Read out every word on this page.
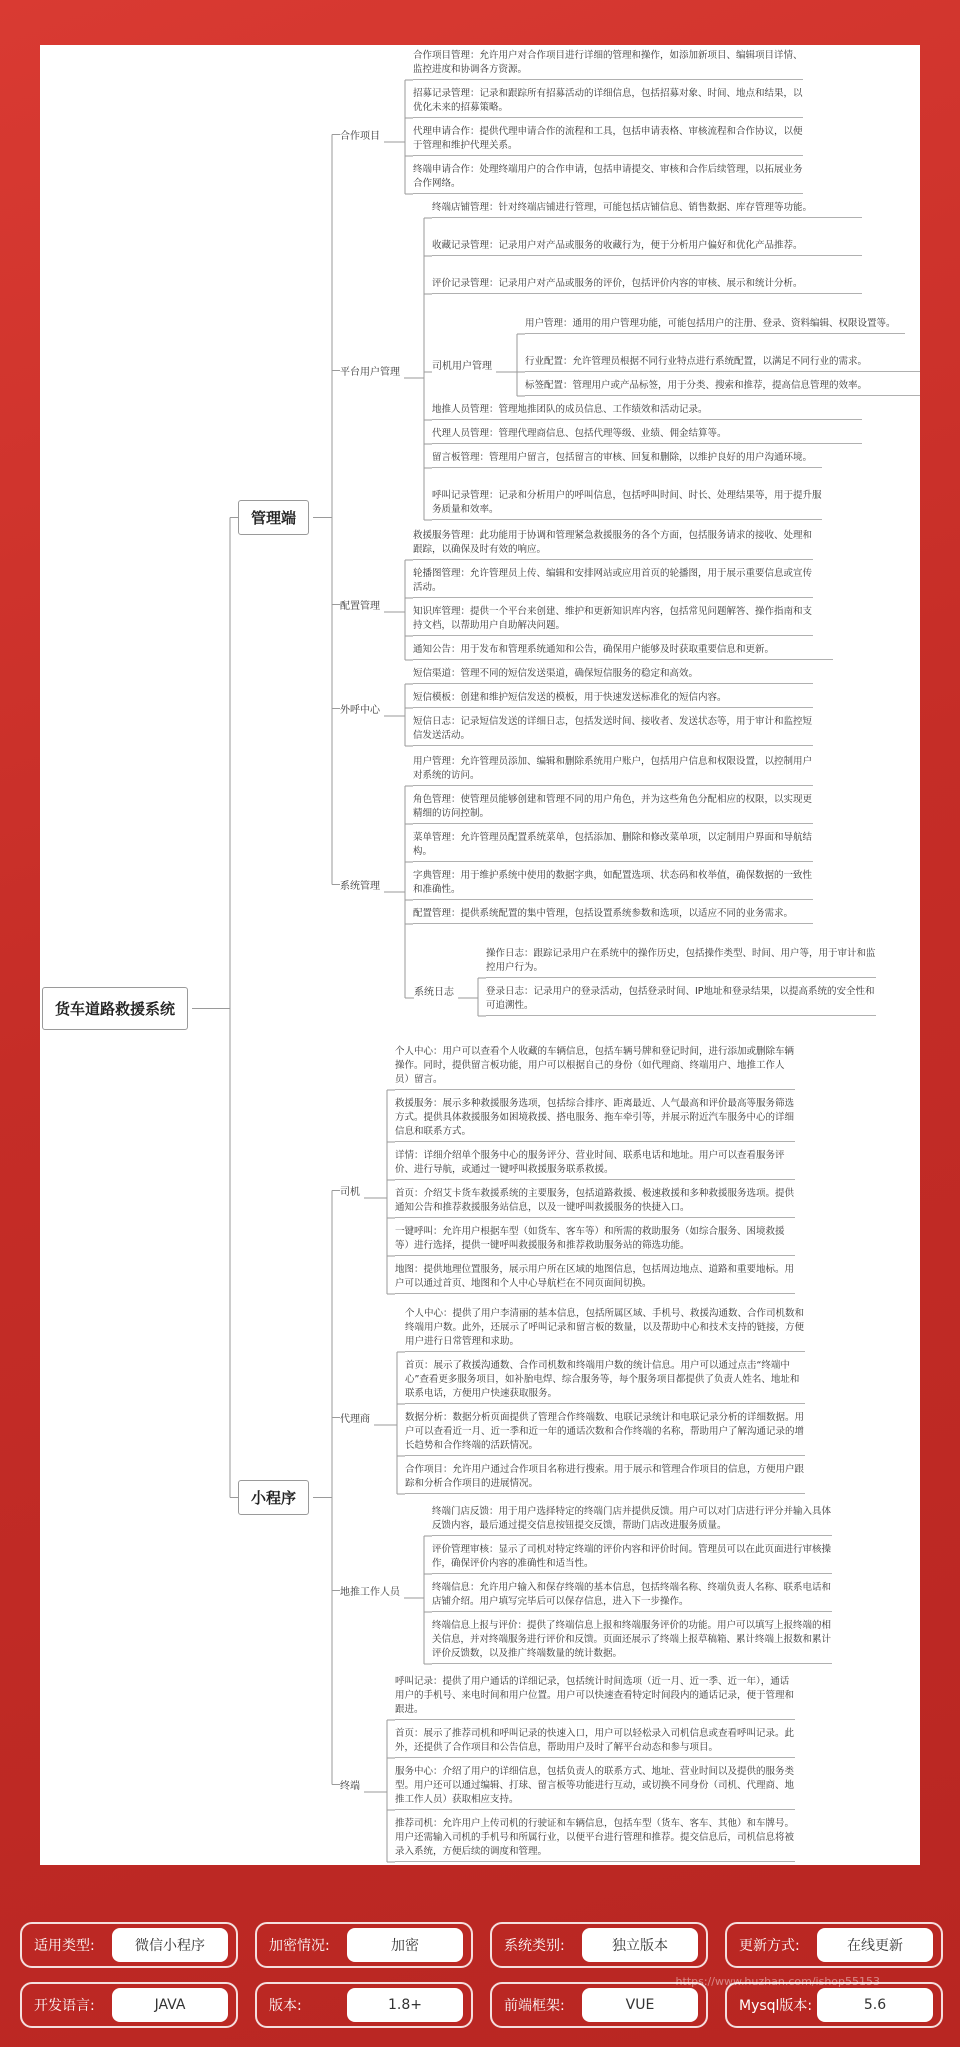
货车道路救援系统
管理端
小程序
合作项目
平台用户管理
配置管理
外呼中心
系统管理
司机用户管理
系统日志
司机
代理商
地推工作人员
终端
合作项目管理：允许用户对合作项目进行详细的管理和操作，如添加新项目、编辑项目详情、监控进度和协调各方资源。
招募记录管理：记录和跟踪所有招募活动的详细信息，包括招募对象、时间、地点和结果，以优化未来的招募策略。
代理申请合作：提供代理申请合作的流程和工具，包括申请表格、审核流程和合作协议，以便于管理和维护代理关系。
终端申请合作：处理终端用户的合作申请，包括申请提交、审核和合作后续管理，以拓展业务合作网络。
终端店铺管理：针对终端店铺进行管理，可能包括店铺信息、销售数据、库存管理等功能。
收藏记录管理：记录用户对产品或服务的收藏行为，便于分析用户偏好和优化产品推荐。
评价记录管理：记录用户对产品或服务的评价，包括评价内容的审核、展示和统计分析。
用户管理：通用的用户管理功能，可能包括用户的注册、登录、资料编辑、权限设置等。
行业配置：允许管理员根据不同行业特点进行系统配置，以满足不同行业的需求。
标签配置：管理用户或产品标签，用于分类、搜索和推荐，提高信息管理的效率。
地推人员管理：管理地推团队的成员信息、工作绩效和活动记录。
代理人员管理：管理代理商信息、包括代理等级、业绩、佣金结算等。
留言板管理：管理用户留言，包括留言的审核、回复和删除，以维护良好的用户沟通环境。
呼叫记录管理：记录和分析用户的呼叫信息，包括呼叫时间、时长、处理结果等，用于提升服务质量和效率。
救援服务管理：此功能用于协调和管理紧急救援服务的各个方面，包括服务请求的接收、处理和跟踪，以确保及时有效的响应。
轮播图管理：允许管理员上传、编辑和安排网站或应用首页的轮播图，用于展示重要信息或宣传活动。
知识库管理：提供一个平台来创建、维护和更新知识库内容，包括常见问题解答、操作指南和支持文档，以帮助用户自助解决问题。
通知公告：用于发布和管理系统通知和公告，确保用户能够及时获取重要信息和更新。
短信渠道：管理不同的短信发送渠道，确保短信服务的稳定和高效。
短信模板：创建和维护短信发送的模板，用于快速发送标准化的短信内容。
短信日志：记录短信发送的详细日志，包括发送时间、接收者、发送状态等，用于审计和监控短信发送活动。
用户管理：允许管理员添加、编辑和删除系统用户账户，包括用户信息和权限设置，以控制用户对系统的访问。
角色管理：使管理员能够创建和管理不同的用户角色，并为这些角色分配相应的权限，以实现更精细的访问控制。
菜单管理：允许管理员配置系统菜单，包括添加、删除和修改菜单项，以定制用户界面和导航结构。
字典管理：用于维护系统中使用的数据字典，如配置选项、状态码和枚举值，确保数据的一致性和准确性。
配置管理：提供系统配置的集中管理，包括设置系统参数和选项，以适应不同的业务需求。
操作日志：跟踪记录用户在系统中的操作历史，包括操作类型、时间、用户等，用于审计和监控用户行为。
登录日志：记录用户的登录活动，包括登录时间、IP地址和登录结果，以提高系统的安全性和可追溯性。
个人中心：用户可以查看个人收藏的车辆信息，包括车辆号牌和登记时间，进行添加或删除车辆操作。同时，提供留言板功能，用户可以根据自己的身份（如代理商、终端用户、地推工作人员）留言。
救援服务：展示多种救援服务选项，包括综合排序、距离最近、人气最高和评价最高等服务筛选方式。提供具体救援服务如困境救援、搭电服务、拖车牵引等，并展示附近汽车服务中心的详细信息和联系方式。
详情：详细介绍单个服务中心的服务评分、营业时间、联系电话和地址。用户可以查看服务评价、进行导航，或通过一键呼叫救援服务联系救援。
首页：介绍艾卡货车救援系统的主要服务，包括道路救援、极速救援和多种救援服务选项。提供通知公告和推荐救援服务站信息，以及一键呼叫救援服务的快捷入口。
一键呼叫：允许用户根据车型（如货车、客车等）和所需的救助服务（如综合服务、困境救援等）进行选择，提供一键呼叫救援服务和推荐救助服务站的筛选功能。
地图：提供地理位置服务，展示用户所在区域的地图信息，包括周边地点、道路和重要地标。用户可以通过首页、地图和个人中心导航栏在不同页面间切换。
个人中心：提供了用户李清丽的基本信息，包括所属区域、手机号、救援沟通数、合作司机数和终端用户数。此外，还展示了呼叫记录和留言板的数量，以及帮助中心和技术支持的链接，方便用户进行日常管理和求助。
首页：展示了救援沟通数、合作司机数和终端用户数的统计信息。用户可以通过点击“终端中心”查看更多服务项目，如补胎电焊、综合服务等，每个服务项目都提供了负责人姓名、地址和联系电话，方便用户快速获取服务。
数据分析：数据分析页面提供了管理合作终端数、电联记录统计和电联记录分析的详细数据。用户可以查看近一月、近一季和近一年的通话次数和合作终端的名称，帮助用户了解沟通记录的增长趋势和合作终端的活跃情况。
合作项目：允许用户通过合作项目名称进行搜索。用于展示和管理合作项目的信息，方便用户跟踪和分析合作项目的进展情况。
终端门店反馈：用于用户选择特定的终端门店并提供反馈。用户可以对门店进行评分并输入具体反馈内容，最后通过提交信息按钮提交反馈，帮助门店改进服务质量。
评价管理审核：显示了司机对特定终端的评价内容和评价时间。管理员可以在此页面进行审核操作，确保评价内容的准确性和适当性。
终端信息：允许用户输入和保存终端的基本信息，包括终端名称、终端负责人名称、联系电话和店铺介绍。用户填写完毕后可以保存信息，进入下一步操作。
终端信息上报与评价：提供了终端信息上报和终端服务评价的功能。用户可以填写上报终端的相关信息，并对终端服务进行评价和反馈。页面还展示了终端上报草稿箱、累计终端上报数和累计评价反馈数，以及推广终端数量的统计数据。
呼叫记录：提供了用户通话的详细记录，包括统计时间选项（近一月、近一季、近一年），通话用户的手机号、来电时间和用户位置。用户可以快速查看特定时间段内的通话记录，便于管理和跟进。
首页：展示了推荐司机和呼叫记录的快速入口，用户可以轻松录入司机信息或查看呼叫记录。此外，还提供了合作项目和公告信息，帮助用户及时了解平台动态和参与项目。
服务中心：介绍了用户的详细信息，包括负责人的联系方式、地址、营业时间以及提供的服务类型。用户还可以通过编辑、打球、留言板等功能进行互动，或切换不同身份（司机、代理商、地推工作人员）获取相应支持。
推荐司机：允许用户上传司机的行驶证和车辆信息，包括车型（货车、客车、其他）和车牌号。用户还需输入司机的手机号和所属行业，以便平台进行管理和推荐。提交信息后，司机信息将被录入系统，方便后续的调度和管理。
适用类型:	微信小程序	加密情况:	加密	系统类别:	独立版本	更新方式:	在线更新
开发语言:	JAVA	版本:	1.8+	前端框架:	VUE	Mysql版本:	5.6
https://www.huzhan.com/ishop55153
